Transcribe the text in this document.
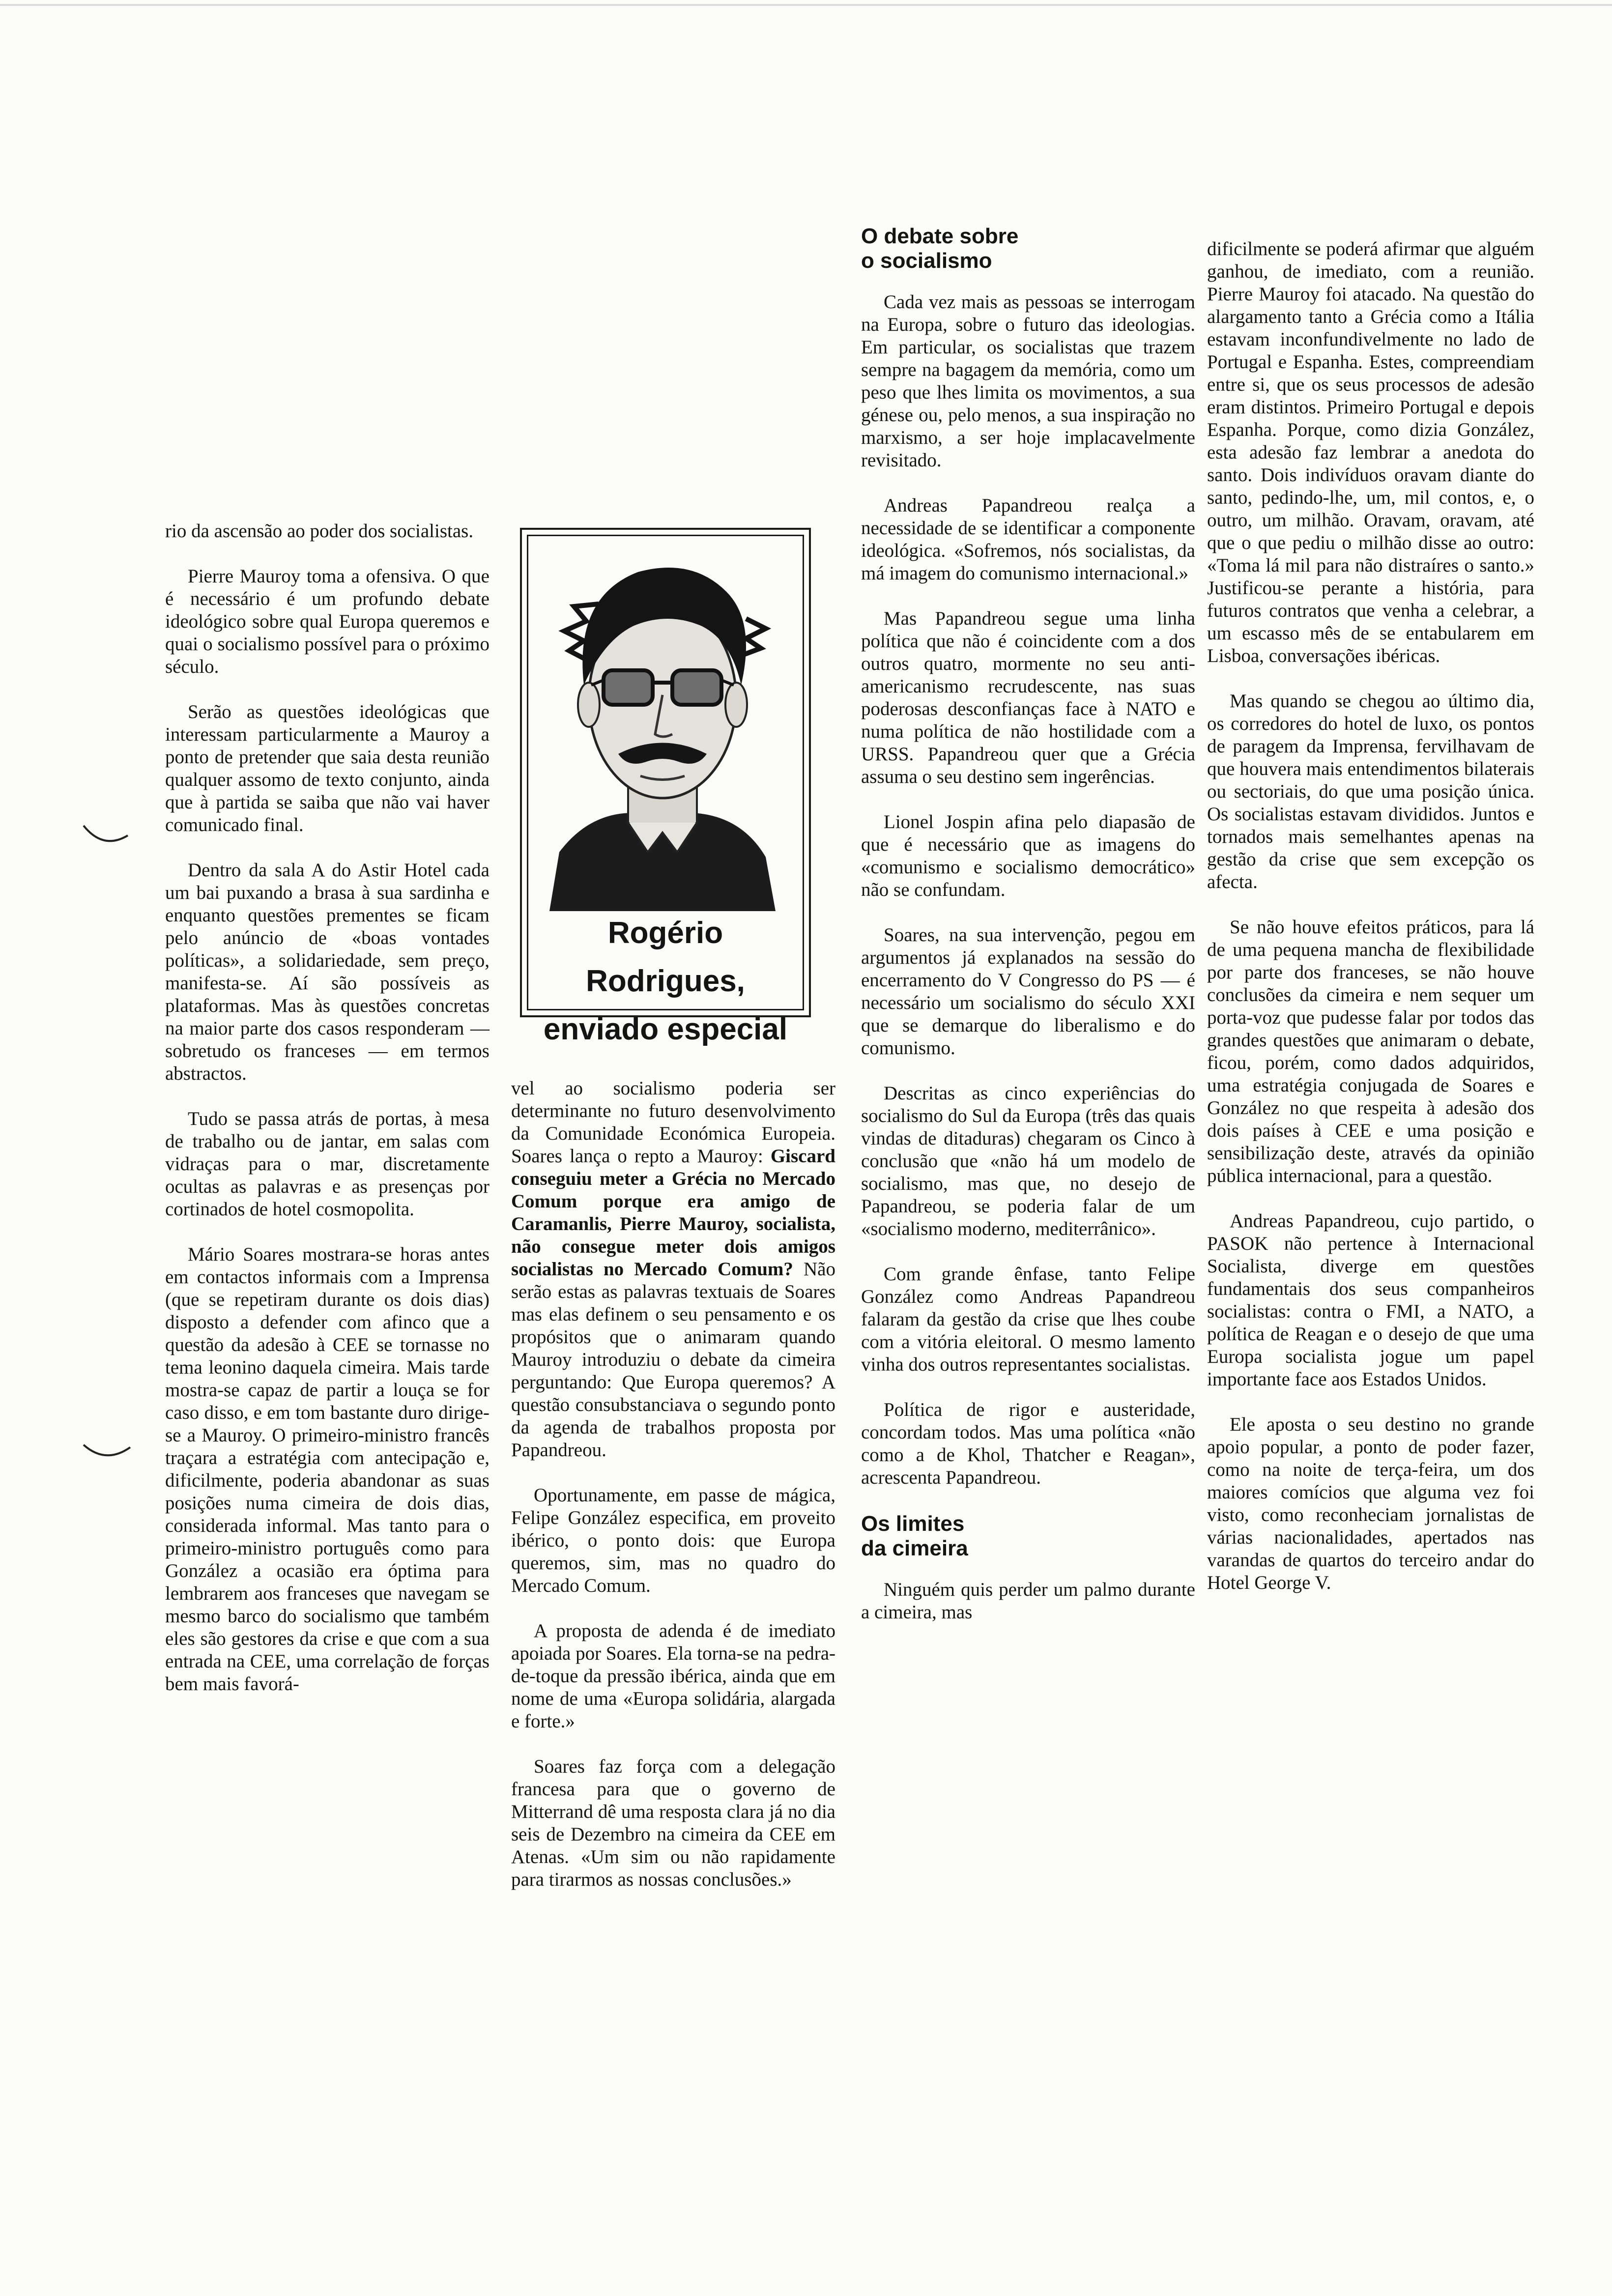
rio da ascensão ao poder dos socialistas.

Pierre Mauroy toma a ofensiva. O que é necessário é um profundo debate ideológico sobre qual Europa queremos e quai o socialismo possível para o próximo século.

Serão as questões ideológicas que interessam particularmente a Mauroy a ponto de pretender que saia desta reunião qualquer assomo de texto conjunto, ainda que à partida se saiba que não vai haver comunicado final.

Dentro da sala A do Astir Hotel cada um bai puxando a brasa à sua sardinha e enquanto questões prementes se ficam pelo anúncio de «boas vontades políticas», a solidariedade, sem preço, manifesta-se. Aí são possíveis as plataformas. Mas às questões concretas na maior parte dos casos responderam — sobretudo os franceses — em termos abstractos.

Tudo se passa atrás de portas, à mesa de trabalho ou de jantar, em salas com vidraças para o mar, discretamente ocultas as palavras e as presenças por cortinados de hotel cosmopolita.

Mário Soares mostrara-se horas antes em contactos informais com a Imprensa (que se repetiram durante os dois dias) disposto a defender com afinco que a questão da adesão à CEE se tornasse no tema leonino daquela cimeira. Mais tarde mostra-se capaz de partir a louça se for caso disso, e em tom bastante duro dirige-se a Mauroy. O primeiro-ministro francês traçara a estratégia com antecipação e, dificilmente, poderia abandonar as suas posições numa cimeira de dois dias, considerada informal. Mas tanto para o primeiro-ministro português como para González a ocasião era óptima para lembrarem aos franceses que navegam se mesmo barco do socialismo que também eles são gestores da crise e que com a sua entrada na CEE, uma correlação de forças bem mais favorá-

Rogério Rodrigues,
enviado especial

vel ao socialismo poderia ser determinante no futuro desenvolvimento da Comunidade Económica Europeia. Soares lança o repto a Mauroy: Giscard conseguiu meter a Grécia no Mercado Comum porque era amigo de Caramanlis, Pierre Mauroy, socialista, não consegue meter dois amigos socialistas no Mercado Comum? Não serão estas as palavras textuais de Soares mas elas definem o seu pensamento e os propósitos que o animaram quando Mauroy introduziu o debate da cimeira perguntando: Que Europa queremos? A questão consubstanciava o segundo ponto da agenda de trabalhos proposta por Papandreou.

Oportunamente, em passe de mágica, Felipe González especifica, em proveito ibérico, o ponto dois: que Europa queremos, sim, mas no quadro do Mercado Comum.

A proposta de adenda é de imediato apoiada por Soares. Ela torna-se na pedra-de-toque da pressão ibérica, ainda que em nome de uma «Europa solidária, alargada e forte.»

Soares faz força com a delegação francesa para que o governo de Mitterrand dê uma resposta clara já no dia seis de Dezembro na cimeira da CEE em Atenas. «Um sim ou não rapidamente para tirarmos as nossas conclusões.»

O debate sobre
o socialismo

Cada vez mais as pessoas se interrogam na Europa, sobre o futuro das ideologias. Em particular, os socialistas que trazem sempre na bagagem da memória, como um peso que lhes limita os movimentos, a sua génese ou, pelo menos, a sua inspiração no marxismo, a ser hoje implacavelmente revisitado.

Andreas Papandreou realça a necessidade de se identificar a componente ideológica. «Sofremos, nós socialistas, da má imagem do comunismo internacional.»

Mas Papandreou segue uma linha política que não é coincidente com a dos outros quatro, mormente no seu anti-americanismo recrudescente, nas suas poderosas desconfianças face à NATO e numa política de não hostilidade com a URSS. Papandreou quer que a Grécia assuma o seu destino sem ingerências.

Lionel Jospin afina pelo diapasão de que é necessário que as imagens do «comunismo e socialismo democrático» não se confundam.

Soares, na sua intervenção, pegou em argumentos já explanados na sessão do encerramento do V Congresso do PS — é necessário um socialismo do século XXI que se demarque do liberalismo e do comunismo.

Descritas as cinco experiências do socialismo do Sul da Europa (três das quais vindas de ditaduras) chegaram os Cinco à conclusão que «não há um modelo de socialismo, mas que, no desejo de Papandreou, se poderia falar de um «socialismo moderno, mediterrânico».

Com grande ênfase, tanto Felipe González como Andreas Papandreou falaram da gestão da crise que lhes coube com a vitória eleitoral. O mesmo lamento vinha dos outros representantes socialistas.

Política de rigor e austeridade, concordam todos. Mas uma política «não como a de Khol, Thatcher e Reagan», acrescenta Papandreou.

Os limites
da cimeira

Ninguém quis perder um palmo durante a cimeira, mas

dificilmente se poderá afirmar que alguém ganhou, de imediato, com a reunião. Pierre Mauroy foi atacado. Na questão do alargamento tanto a Grécia como a Itália estavam inconfundivelmente no lado de Portugal e Espanha. Estes, compreendiam entre si, que os seus processos de adesão eram distintos. Primeiro Portugal e depois Espanha. Porque, como dizia González, esta adesão faz lembrar a anedota do santo. Dois indivíduos oravam diante do santo, pedindo-lhe, um, mil contos, e, o outro, um milhão. Oravam, oravam, até que o que pediu o milhão disse ao outro: «Toma lá mil para não distraíres o santo.» Justificou-se perante a história, para futuros contratos que venha a celebrar, a um escasso mês de se entabularem em Lisboa, conversações ibéricas.

Mas quando se chegou ao último dia, os corredores do hotel de luxo, os pontos de paragem da Imprensa, fervilhavam de que houvera mais entendimentos bilaterais ou sectoriais, do que uma posição única. Os socialistas estavam divididos. Juntos e tornados mais semelhantes apenas na gestão da crise que sem excepção os afecta.

Se não houve efeitos práticos, para lá de uma pequena mancha de flexibilidade por parte dos franceses, se não houve conclusões da cimeira e nem sequer um porta-voz que pudesse falar por todos das grandes questões que animaram o debate, ficou, porém, como dados adquiridos, uma estratégia conjugada de Soares e González no que respeita à adesão dos dois países à CEE e uma posição e sensibilização deste, através da opinião pública internacional, para a questão.

Andreas Papandreou, cujo partido, o PASOK não pertence à Internacional Socialista, diverge em questões fundamentais dos seus companheiros socialistas: contra o FMI, a NATO, a política de Reagan e o desejo de que uma Europa socialista jogue um papel importante face aos Estados Unidos.

Ele aposta o seu destino no grande apoio popular, a ponto de poder fazer, como na noite de terça-feira, um dos maiores comícios que alguma vez foi visto, como reconheciam jornalistas de várias nacionalidades, apertados nas varandas de quartos do terceiro andar do Hotel George V.
